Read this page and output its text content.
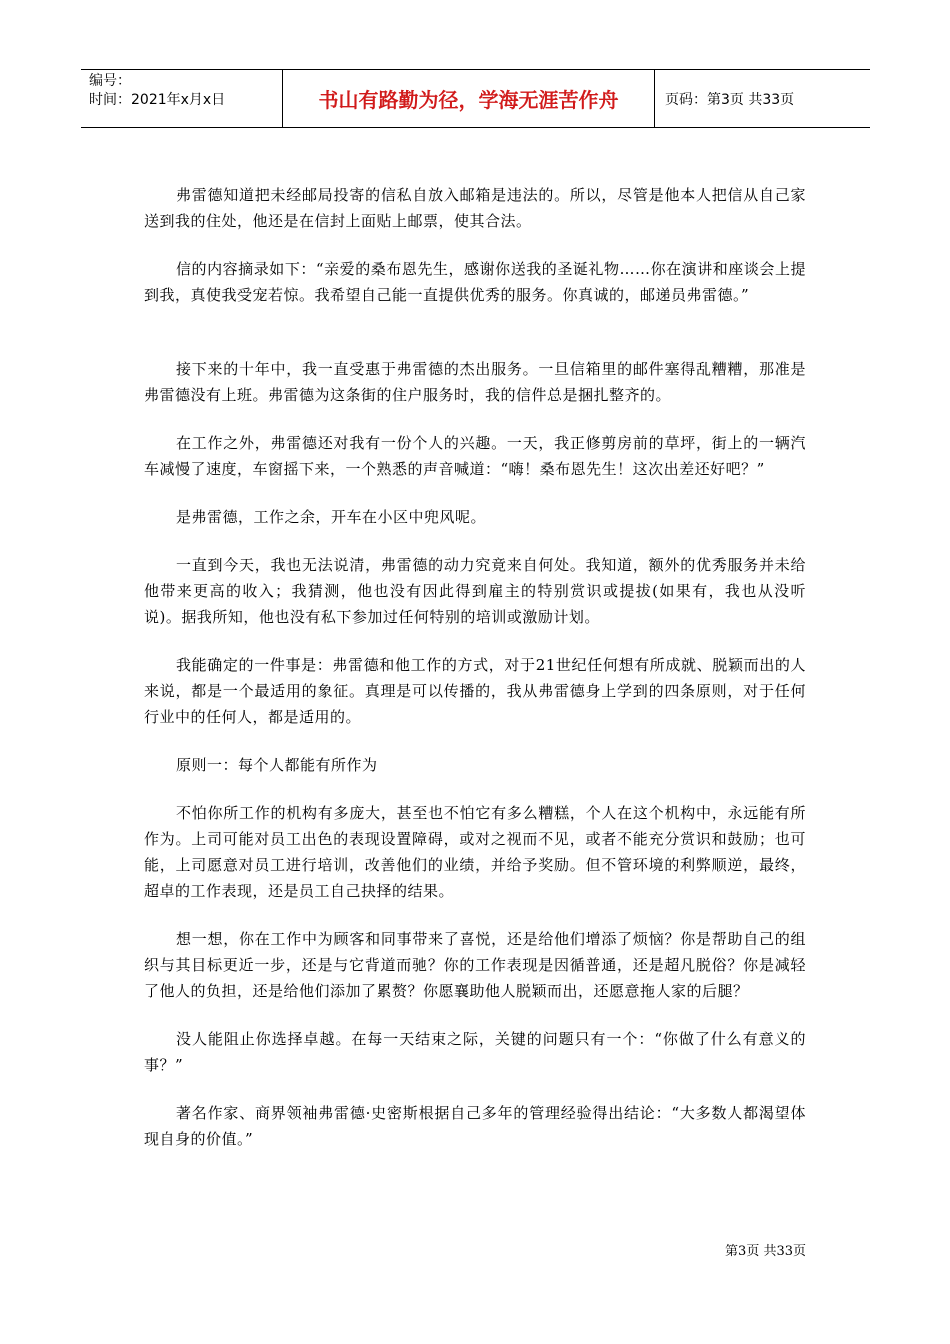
编号：
时间：2021年x月x日	书山有路勤为径，学海无涯苦作舟	页码：第3页 共33页

弗雷德知道把未经邮局投寄的信私自放入邮箱是违法的。所以，尽管是他本人把信从自己家送到我的住处，他还是在信封上面贴上邮票，使其合法。

信的内容摘录如下：“亲爱的桑布恩先生，感谢你送我的圣诞礼物……你在演讲和座谈会上提到我，真使我受宠若惊。我希望自己能一直提供优秀的服务。你真诚的，邮递员弗雷德。”

接下来的十年中，我一直受惠于弗雷德的杰出服务。一旦信箱里的邮件塞得乱糟糟，那准是弗雷德没有上班。弗雷德为这条街的住户服务时，我的信件总是捆扎整齐的。

在工作之外，弗雷德还对我有一份个人的兴趣。一天，我正修剪房前的草坪，街上的一辆汽车减慢了速度，车窗摇下来，一个熟悉的声音喊道：“嗨！桑布恩先生！这次出差还好吧？”

是弗雷德，工作之余，开车在小区中兜风呢。

一直到今天，我也无法说清，弗雷德的动力究竟来自何处。我知道，额外的优秀服务并未给他带来更高的收入；我猜测，他也没有因此得到雇主的特别赏识或提拔(如果有，我也从没听说)。据我所知，他也没有私下参加过任何特别的培训或激励计划。

我能确定的一件事是：弗雷德和他工作的方式，对于21世纪任何想有所成就、脱颖而出的人来说，都是一个最适用的象征。真理是可以传播的，我从弗雷德身上学到的四条原则，对于任何行业中的任何人，都是适用的。

原则一：每个人都能有所作为

不怕你所工作的机构有多庞大，甚至也不怕它有多么糟糕，个人在这个机构中，永远能有所作为。上司可能对员工出色的表现设置障碍，或对之视而不见，或者不能充分赏识和鼓励；也可能，上司愿意对员工进行培训，改善他们的业绩，并给予奖励。但不管环境的利弊顺逆，最终，超卓的工作表现，还是员工自己抉择的结果。

想一想，你在工作中为顾客和同事带来了喜悦，还是给他们增添了烦恼？你是帮助自己的组织与其目标更近一步，还是与它背道而驰？你的工作表现是因循普通，还是超凡脱俗？你是减轻了他人的负担，还是给他们添加了累赘？你愿襄助他人脱颖而出，还愿意拖人家的后腿？

没人能阻止你选择卓越。在每一天结束之际，关键的问题只有一个：“你做了什么有意义的事？”

著名作家、商界领袖弗雷德·史密斯根据自己多年的管理经验得出结论：“大多数人都渴望体现自身的价值。”

第3页 共33页
